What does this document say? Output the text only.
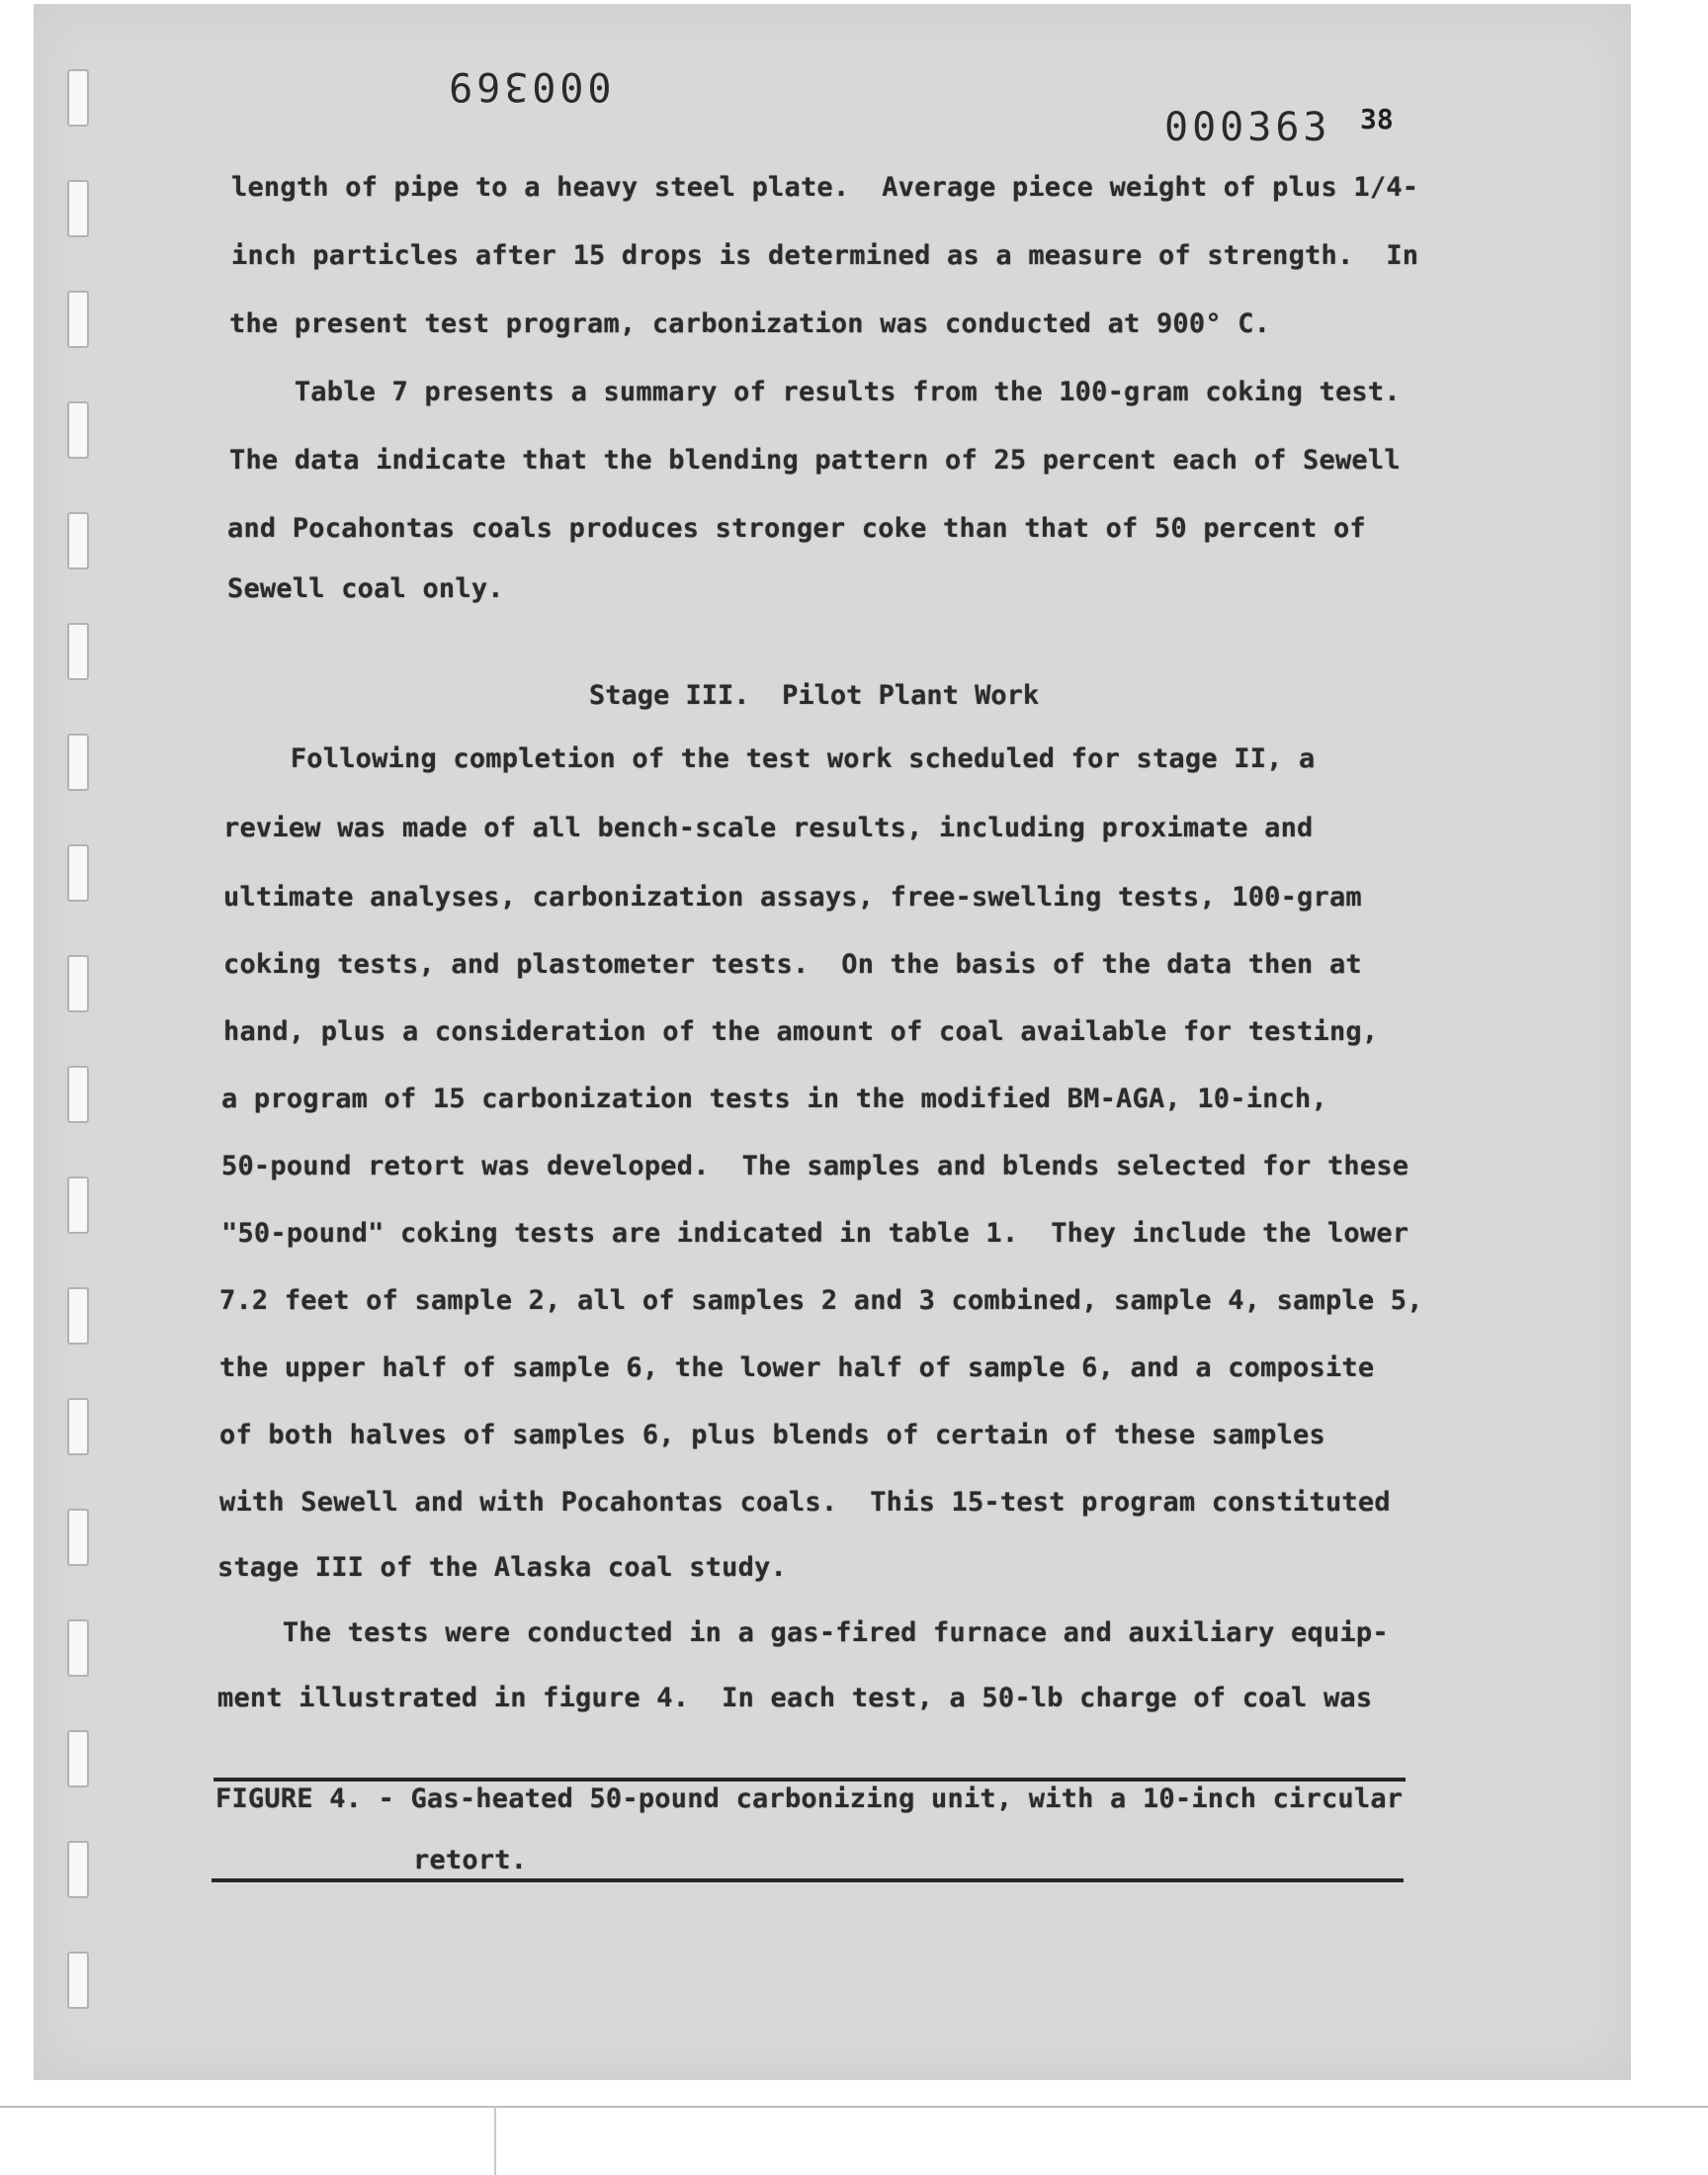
000369
000363 38

length of pipe to a heavy steel plate.  Average piece weight of plus 1/4-

inch particles after 15 drops is determined as a measure of strength.  In

the present test program, carbonization was conducted at 900° C.

Table 7 presents a summary of results from the 100-gram coking test.

The data indicate that the blending pattern of 25 percent each of Sewell

and Pocahontas coals produces stronger coke than that of 50 percent of

Sewell coal only.

Stage III.  Pilot Plant Work

Following completion of the test work scheduled for stage II, a

review was made of all bench-scale results, including proximate and

ultimate analyses, carbonization assays, free-swelling tests, 100-gram

coking tests, and plastometer tests.  On the basis of the data then at

hand, plus a consideration of the amount of coal available for testing,

a program of 15 carbonization tests in the modified BM-AGA, 10-inch,

50-pound retort was developed.  The samples and blends selected for these

"50-pound" coking tests are indicated in table 1.  They include the lower

7.2 feet of sample 2, all of samples 2 and 3 combined, sample 4, sample 5,

the upper half of sample 6, the lower half of sample 6, and a composite

of both halves of samples 6, plus blends of certain of these samples

with Sewell and with Pocahontas coals.  This 15-test program constituted

stage III of the Alaska coal study.

The tests were conducted in a gas-fired furnace and auxiliary equip-

ment illustrated in figure 4.  In each test, a 50-lb charge of coal was

FIGURE 4. - Gas-heated 50-pound carbonizing unit, with a 10-inch circular

retort.
